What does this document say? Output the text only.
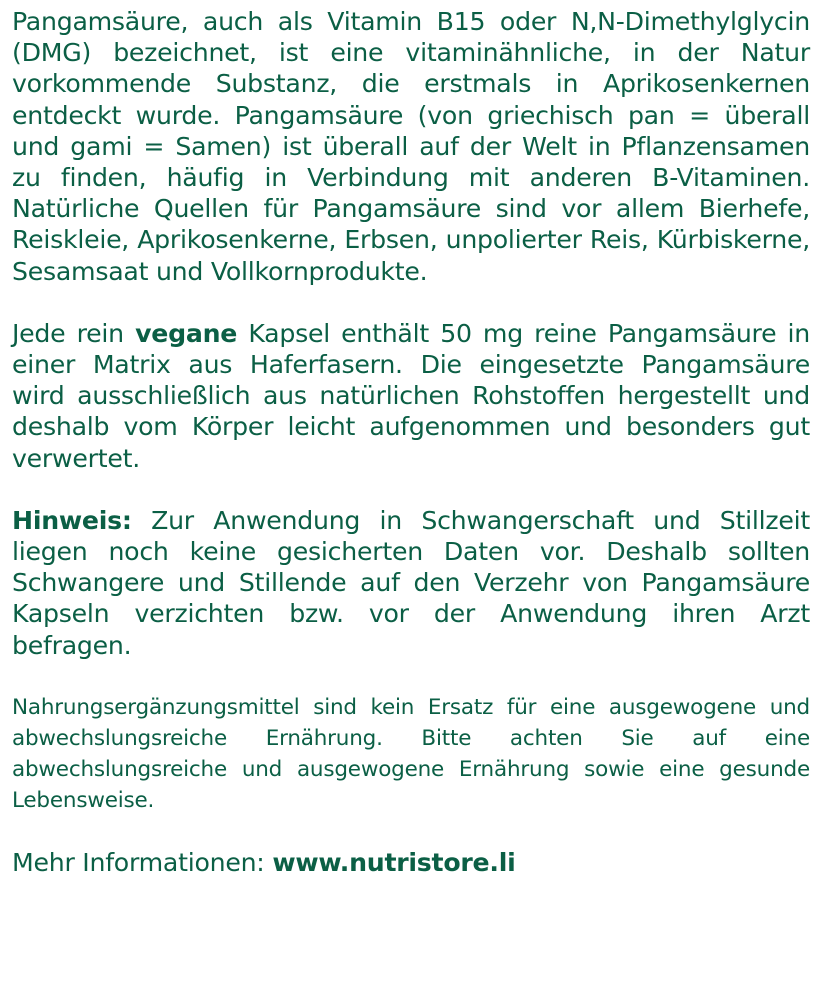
Pangamsäure, auch als Vitamin B15 oder N,N-Dimethylglycin (DMG) bezeichnet, ist eine vitaminähnliche, in der Natur vorkommende Substanz, die erstmals in Aprikosenkernen entdeckt wurde. Pangamsäure (von griechisch pan = überall und gami = Samen) ist überall auf der Welt in Pflanzensamen zu finden, häufig in Verbindung mit anderen B-Vitaminen. Natürliche Quellen für Pangamsäure sind vor allem Bierhefe, Reiskleie, Aprikosenkerne, Erbsen, unpolierter Reis, Kürbiskerne, Sesamsaat und Vollkornprodukte.

Jede rein vegane Kapsel enthält 50 mg reine Pangamsäure in einer Matrix aus Haferfasern. Die eingesetzte Pangamsäure wird ausschließlich aus natürlichen Rohstoffen hergestellt und deshalb vom Körper leicht aufgenommen und besonders gut verwertet.

Hinweis: Zur Anwendung in Schwangerschaft und Stillzeit liegen noch keine gesicherten Daten vor. Deshalb sollten Schwangere und Stillende auf den Verzehr von Pangamsäure Kapseln verzichten bzw. vor der Anwendung ihren Arzt befragen.

Nahrungsergänzungsmittel sind kein Ersatz für eine ausgewogene und abwechslungsreiche Ernährung. Bitte achten Sie auf eine abwechslungsreiche und ausgewogene Ernährung sowie eine gesunde Lebensweise.

Mehr Informationen: www.nutristore.li
